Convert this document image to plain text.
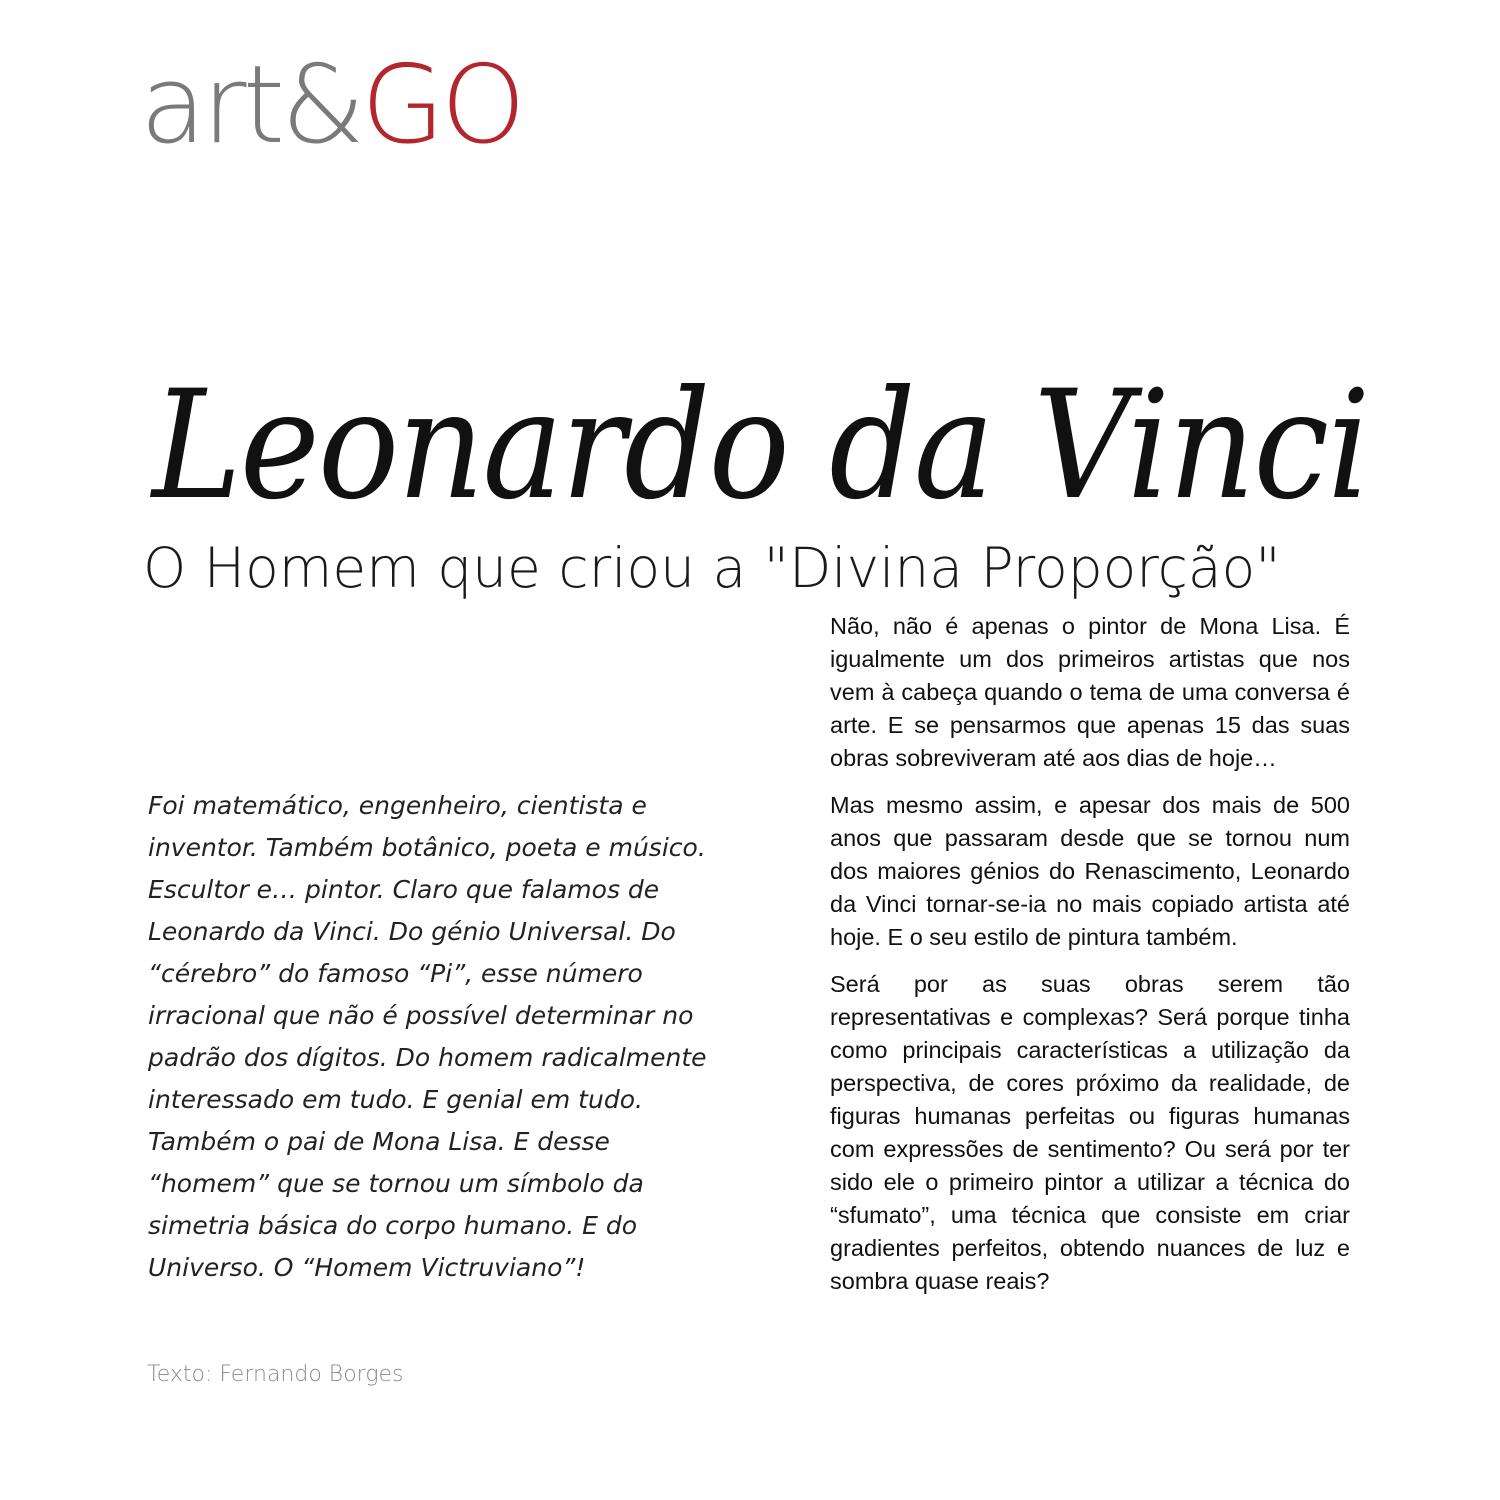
art&GO
Leonardo da Vinci
O Homem que criou a "Divina Proporção"

Foi matemático, engenheiro, cientista e inventor. Também botânico, poeta e músico. Escultor e… pintor. Claro que falamos de Leonardo da Vinci. Do génio Universal. Do “cérebro” do famoso “Pi”, esse número irracional que não é possível determinar no padrão dos dígitos. Do homem radicalmente interessado em tudo. E genial em tudo. Também o pai de Mona Lisa. E desse “homem” que se tornou um símbolo da simetria básica do corpo humano. E do Universo. O “Homem Victruviano”!

Texto: Fernando Borges

Não, não é apenas o pintor de Mona Lisa. É igualmente um dos primeiros artistas que nos vem à cabeça quando o tema de uma conversa é arte. E se pensarmos que apenas 15 das suas obras sobreviveram até aos dias de hoje…

Mas mesmo assim, e apesar dos mais de 500 anos que passaram desde que se tornou num dos maiores génios do Renascimento, Leonardo da Vinci tornar-se-ia no mais copiado artista até hoje. E o seu estilo de pintura também.

Será por as suas obras serem tão representativas e complexas? Será porque tinha como principais características a utilização da perspectiva, de cores próximo da realidade, de figuras humanas perfeitas ou figuras humanas com expressões de sentimento? Ou será por ter sido ele o primeiro pintor a utilizar a técnica do “sfumato”, uma técnica que consiste em criar gradientes perfeitos, obtendo nuances de luz e sombra quase reais?
